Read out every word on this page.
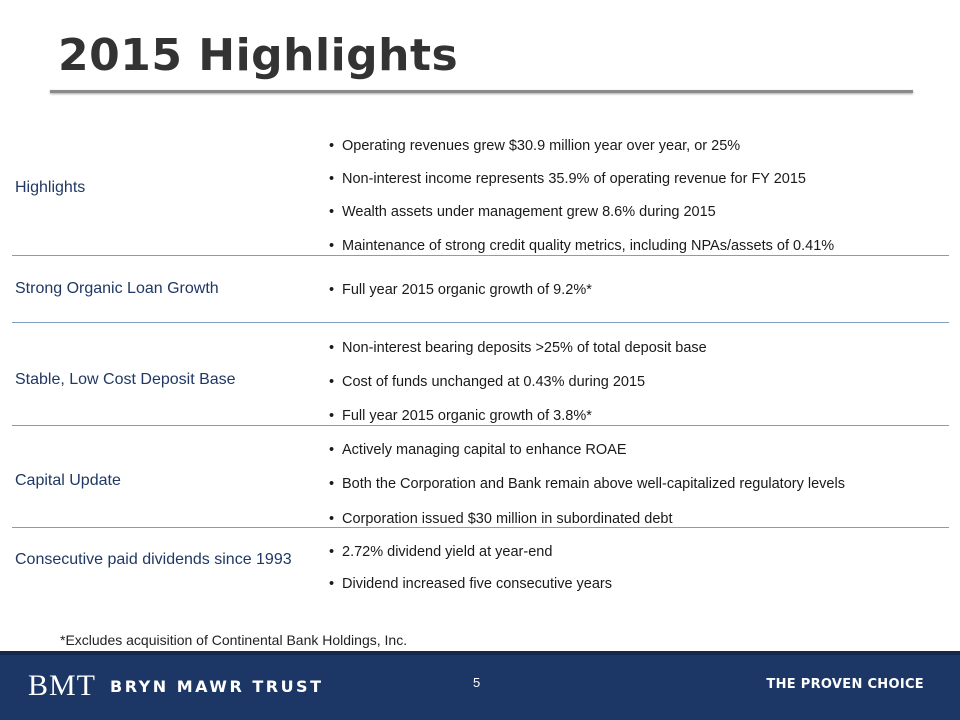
2015 Highlights
Highlights
• Operating revenues grew $30.9 million year over year, or 25%
• Non-interest income represents 35.9% of operating revenue for FY 2015
• Wealth assets under management grew 8.6% during 2015
• Maintenance of strong credit quality metrics, including NPAs/assets of 0.41%
Strong Organic Loan Growth	• Full year 2015 organic growth of 9.2%*
Stable, Low Cost Deposit Base
• Non-interest bearing deposits >25% of total deposit base
• Cost of funds unchanged at 0.43% during 2015
• Full year 2015 organic growth of 3.8%*
Capital Update
• Actively managing capital to enhance ROAE
• Both the Corporation and Bank remain above well-capitalized regulatory levels
• Corporation issued $30 million in subordinated debt
Consecutive paid dividends since 1993	• 2.72% dividend yield at year-end
• Dividend increased five consecutive years
*Excludes acquisition of Continental Bank Holdings, Inc.
BMT BRYN MAWR TRUST	5	THE PROVEN CHOICE
